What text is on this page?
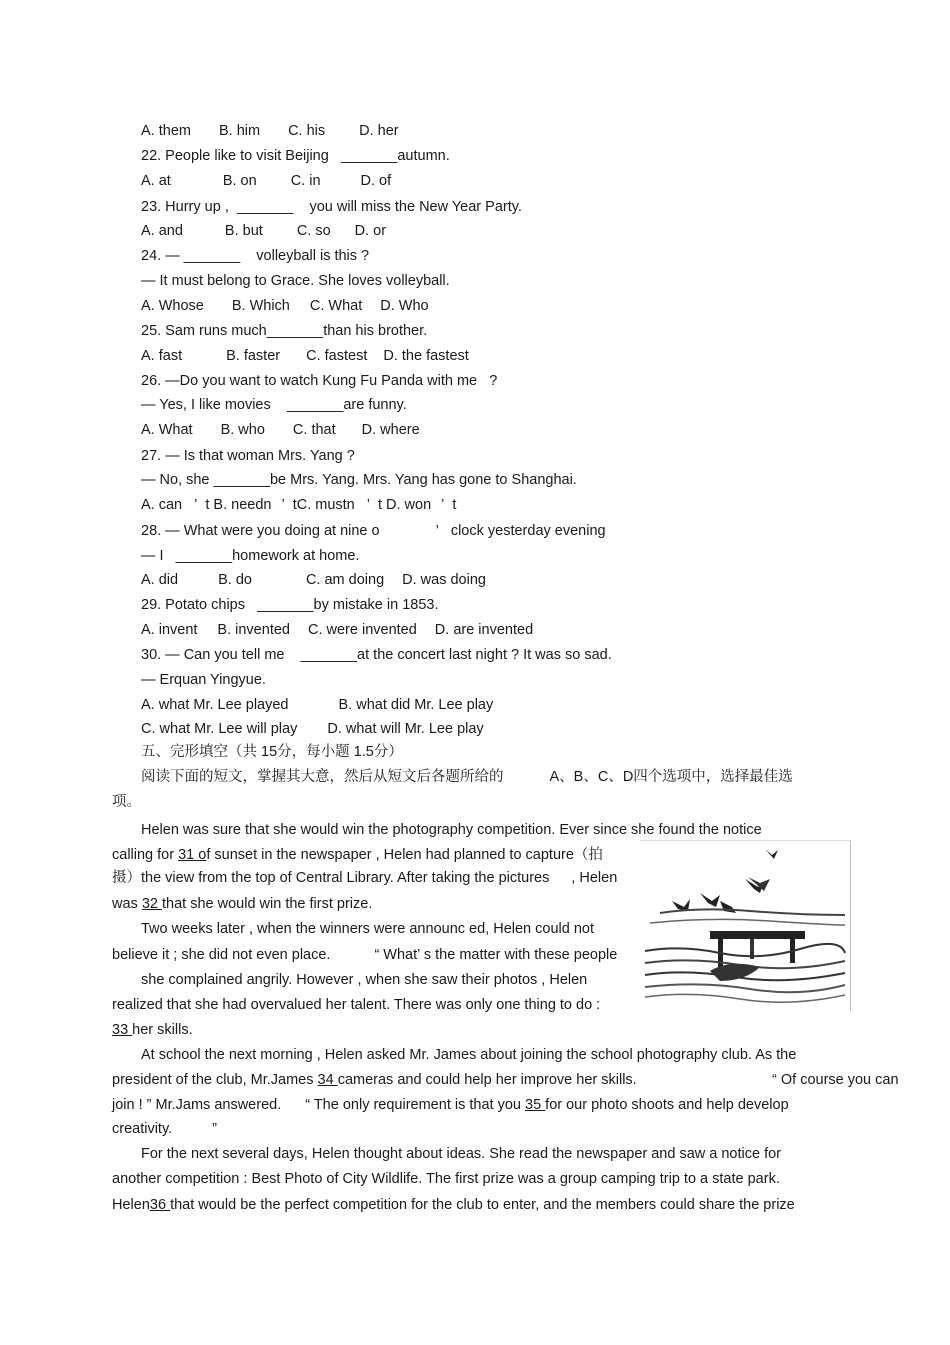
A. them B. him C. his D. her
22. People like to visit Beijing _______autumn.
A. at	B. on C. in	D. of
23. Hurry up , _______ you will miss the New Year Party.
A. and	B. but C. so D. or
24. — _______ volleyball is this ?
— It must belong to Grace. She loves volleyball.
A. Whose B. Which C. What D. Who
25. Sam runs much_______than his brother.
A. fast	B. faster C. fastest D. the fastest
26. —Do you want to watch Kung Fu Panda with me ?
— Yes, I like movies _______are funny.
A. What B. who C. that D. where
27. — Is that woman Mrs. Yang ?
— No, she _______be Mrs. Yang. Mrs. Yang has gone to Shanghai.
A. can ’ t B. needn ’ tC. mustn ’ t D. won ’ t
28. — What were you doing at nine o	’ clock yesterday evening
— I _______homework at home.
A. did	B. do	C. am doing D. was doing
29. Potato chips _______by mistake in 1853.
A. invent B. invented C. were invented D. are invented
30. — Can you tell me _______at the concert last night ? It was so sad.
— Erquan Yingyue.
A. what Mr. Lee played	B. what did Mr. Lee play
C. what Mr. Lee will play D. what will Mr. Lee play
五、完形填空（共 15分，每小题 1.5分）
阅读下面的短文，掌握其大意，然后从短文后各题所给的	A、B、C、D四个选项中，选择最佳选
项。
Helen was sure that she would win the photography competition. Ever since she found the notice
calling for 31 of sunset in the newspaper , Helen had planned to capture（拍
摄）the view from the top of Central Library. After taking the pictures , Helen
was 32 that she would win the first prize.
Two weeks later , when the winners were announc ed, Helen could not
believe it ; she did not even place.	“ What’ s the matter with these people
she complained angrily. However , when she saw their photos , Helen
realized that she had overvalued her talent. There was only one thing to do :
33 her skills.
At school the next morning , Helen asked Mr. James about joining the school photography club. As the
president of the club, Mr.James 34 cameras and could help her improve her skills.	“ Of course you can
join ! ” Mr.Jams answered. “ The only requirement is that you 35 for our photo shoots and help develop
creativity.	”
For the next several days, Helen thought about ideas. She read the newspaper and saw a notice for
another competition : Best Photo of City Wildlife. The first prize was a group camping trip to a state park.
Helen36 that would be the perfect competition for the club to enter, and the members could share the prize
